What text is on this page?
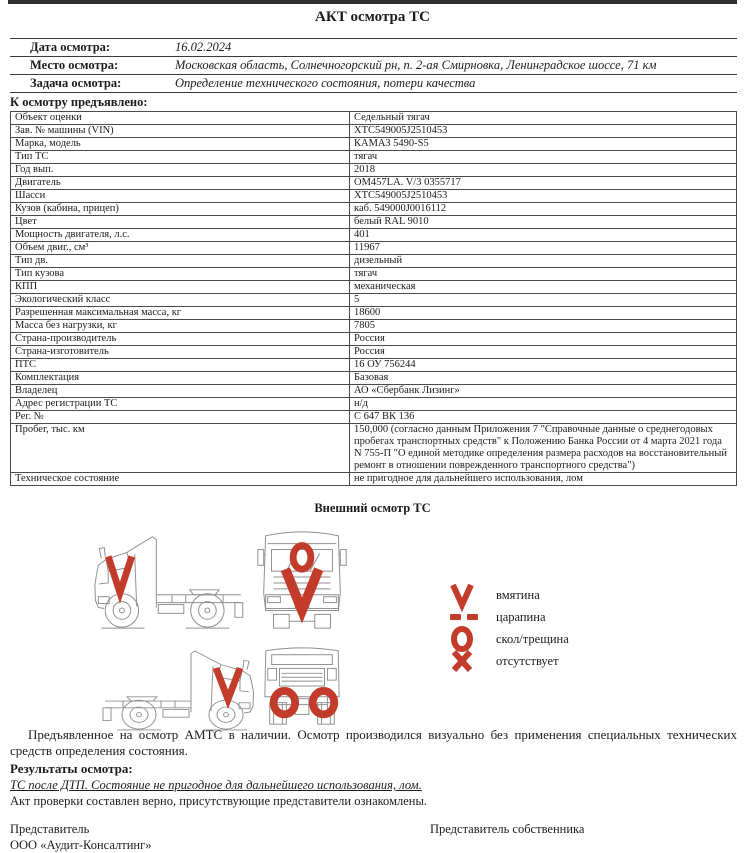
АКТ осмотра ТС
Дата осмотра:	16.02.2024
Место осмотра:	Московская область, Солнечногорский рн, п. 2-ая Смирновка, Ленинградское шоссе, 71 км
Задача осмотра:	Определение технического состояния, потери качества
К осмотру предъявлено:
Объект оценки	Седельный тягач
Зав. № машины (VIN)	XTC549005J2510453
Марка, модель	КАМАЗ 5490-S5
Тип ТС	тягач
Год вып.	2018
Двигатель	OM457LA. V/3 0355717
Шасси	XTC549005J2510453
Кузов (кабина, прицеп)	каб. 549000J0016112
Цвет	белый RAL 9010
Мощность двигателя, л.с.	401
Объем двиг., см³	11967
Тип дв.	дизельный
Тип кузова	тягач
КПП	механическая
Экологический класс	5
Разрешенная максимальная масса, кг	18600
Масса без нагрузки, кг	7805
Страна-производитель	Россия
Страна-изготовитель	Россия
ПТС	16 ОУ 756244
Комплектация	Базовая
Владелец	АО «Сбербанк Лизинг»
Адрес регистрации ТС	н/д
Рег. №	С 647 ВК 136
Пробег, тыс. км	150,000 (согласно данным Приложения 7 "Справочные данные о среднегодовых пробегах транспортных средств" к Положению Банка России от 4 марта 2021 года N 755-П "О единой методике определения размера расходов на восстановительный ремонт в отношении поврежденного транспортного средства")
Техническое состояние	не пригодное для дальнейшего использования, лом
Внешний осмотр ТС
вмятина
царапина
скол/трещина
отсутствует

Предъявленное на осмотр АМТС в наличии. Осмотр производился визуально без применения специальных технических средств определения состояния.

Результаты осмотра:
ТС после ДТП. Состояние не пригодное для дальнейшего использования, лом.
Акт проверки составлен верно, присутствующие представители ознакомлены.
Представитель	Представитель собственника
ООО «Аудит-Консалтинг»
